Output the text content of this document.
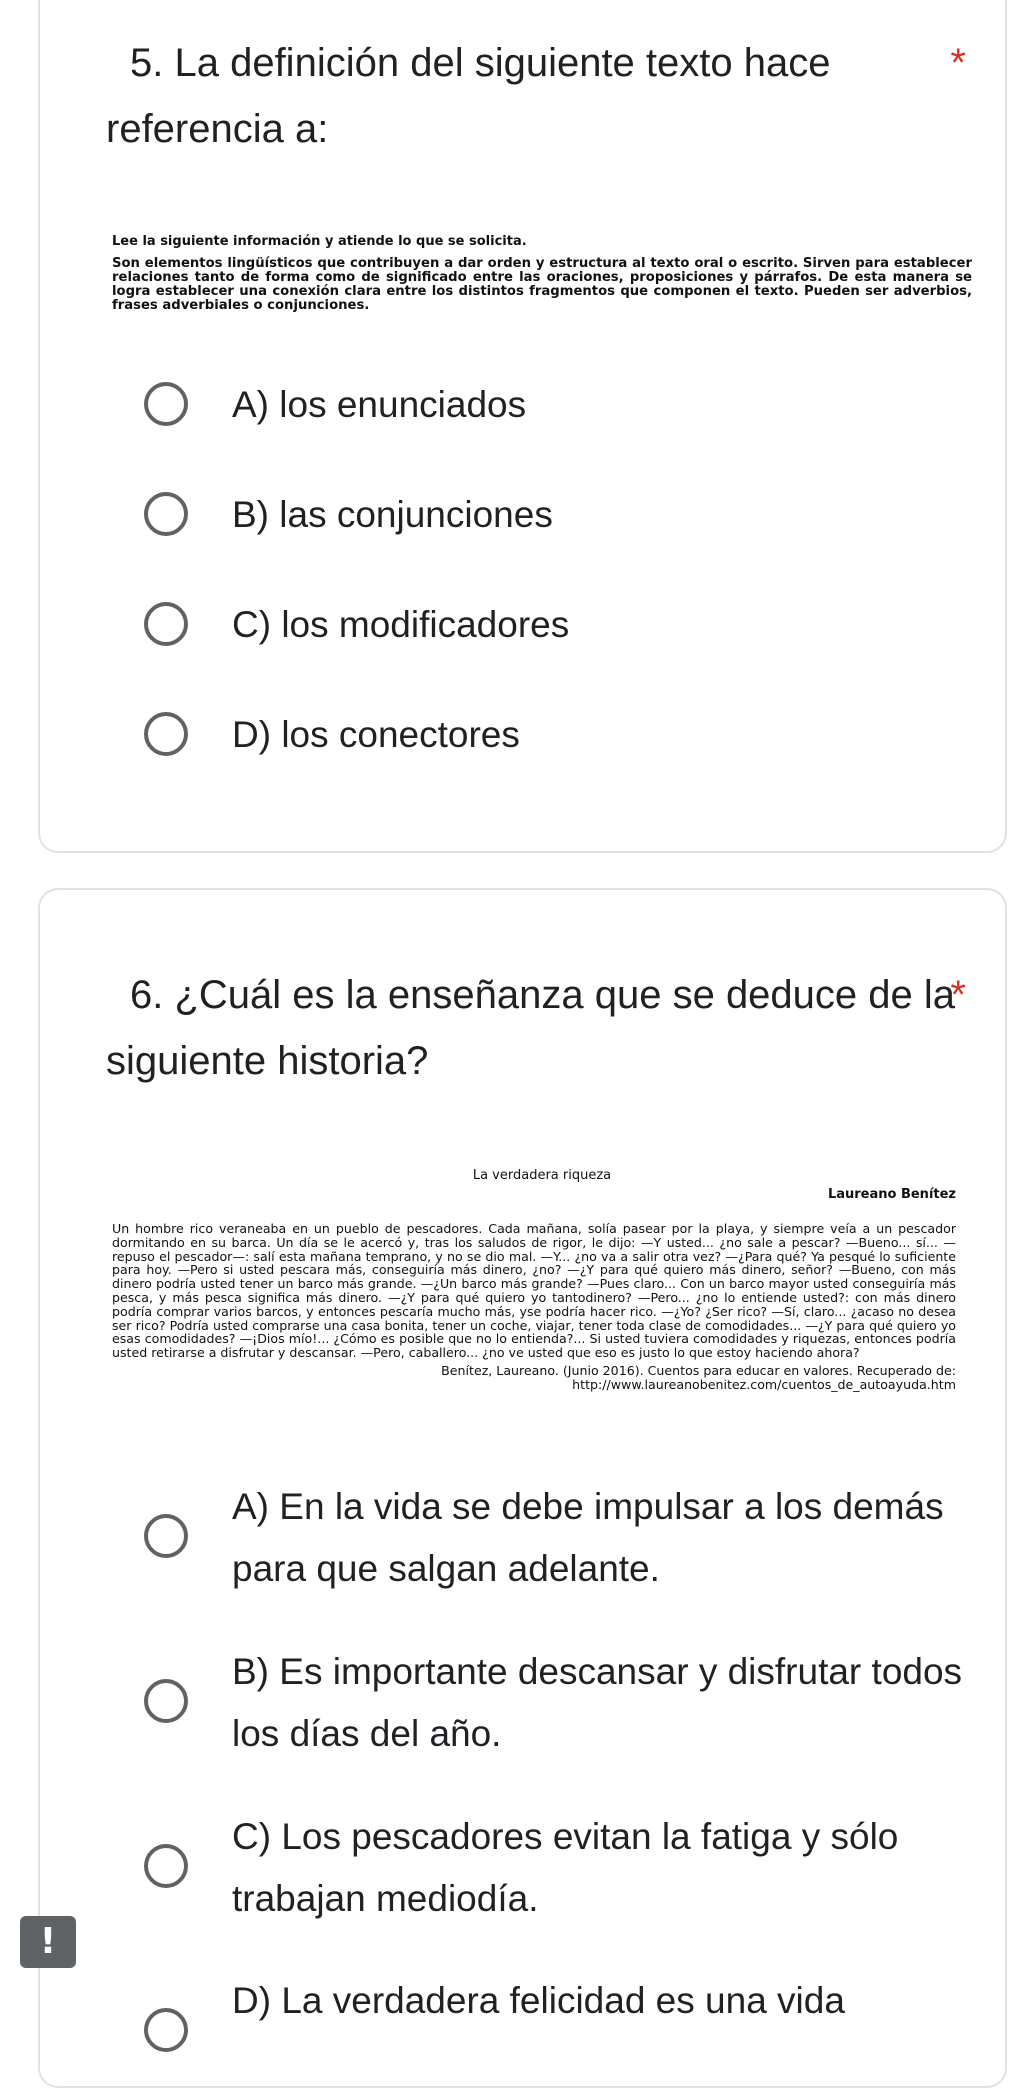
5. La definición del siguiente texto hace referencia a:
*

Lee la siguiente información y atiende lo que se solicita.

Son elementos lingüísticos que contribuyen a dar orden y estructura al texto oral o escrito. Sirven para establecer relaciones tanto de forma como de significado entre las oraciones, proposiciones y párrafos. De esta manera se logra establecer una conexión clara entre los distintos fragmentos que componen el texto. Pueden ser adverbios, frases adverbiales o conjunciones.

A) los enunciados
B) las conjunciones
C) los modificadores
D) los conectores
6. ¿Cuál es la enseñanza que se deduce de la siguiente historia?
*

La verdadera riqueza

Laureano Benítez

Un hombre rico veraneaba en un pueblo de pescadores. Cada mañana, solía pasear por la playa, y siempre veía a un pescador dormitando en su barca. Un día se le acercó y, tras los saludos de rigor, le dijo: —Y usted... ¿no sale a pescar? —Bueno... sí... —repuso el pescador—: salí esta mañana temprano, y no se dio mal. —Y... ¿no va a salir otra vez? —¿Para qué? Ya pesqué lo suficiente para hoy. —Pero si usted pescara más, conseguiría más dinero, ¿no? —¿Y para qué quiero más dinero, señor? —Bueno, con más dinero podría usted tener un barco más grande. —¿Un barco más grande? —Pues claro... Con un barco mayor usted conseguiría más pesca, y más pesca significa más dinero. —¿Y para qué quiero yo tantodinero? —Pero... ¿no lo entiende usted?: con más dinero podría comprar varios barcos, y entonces pescaría mucho más, yse podría hacer rico. —¿Yo? ¿Ser rico? —Sí, claro... ¿acaso no desea ser rico? Podría usted comprarse una casa bonita, tener un coche, viajar, tener toda clase de comodidades... —¿Y para qué quiero yo esas comodidades? —¡Dios mío!... ¿Cómo es posible que no lo entienda?... Si usted tuviera comodidades y riquezas, entonces podría usted retirarse a disfrutar y descansar. —Pero, caballero... ¿no ve usted que eso es justo lo que estoy haciendo ahora?

Benítez, Laureano. (Junio 2016). Cuentos para educar en valores. Recuperado de:
http://www.laureanobenitez.com/cuentos_de_autoayuda.htm

A) En la vida se debe impulsar a los demás para que salgan adelante.
B) Es importante descansar y disfrutar todos los días del año.
C) Los pescadores evitan la fatiga y sólo trabajan mediodía.
D) La verdadera felicidad es una vida
!
